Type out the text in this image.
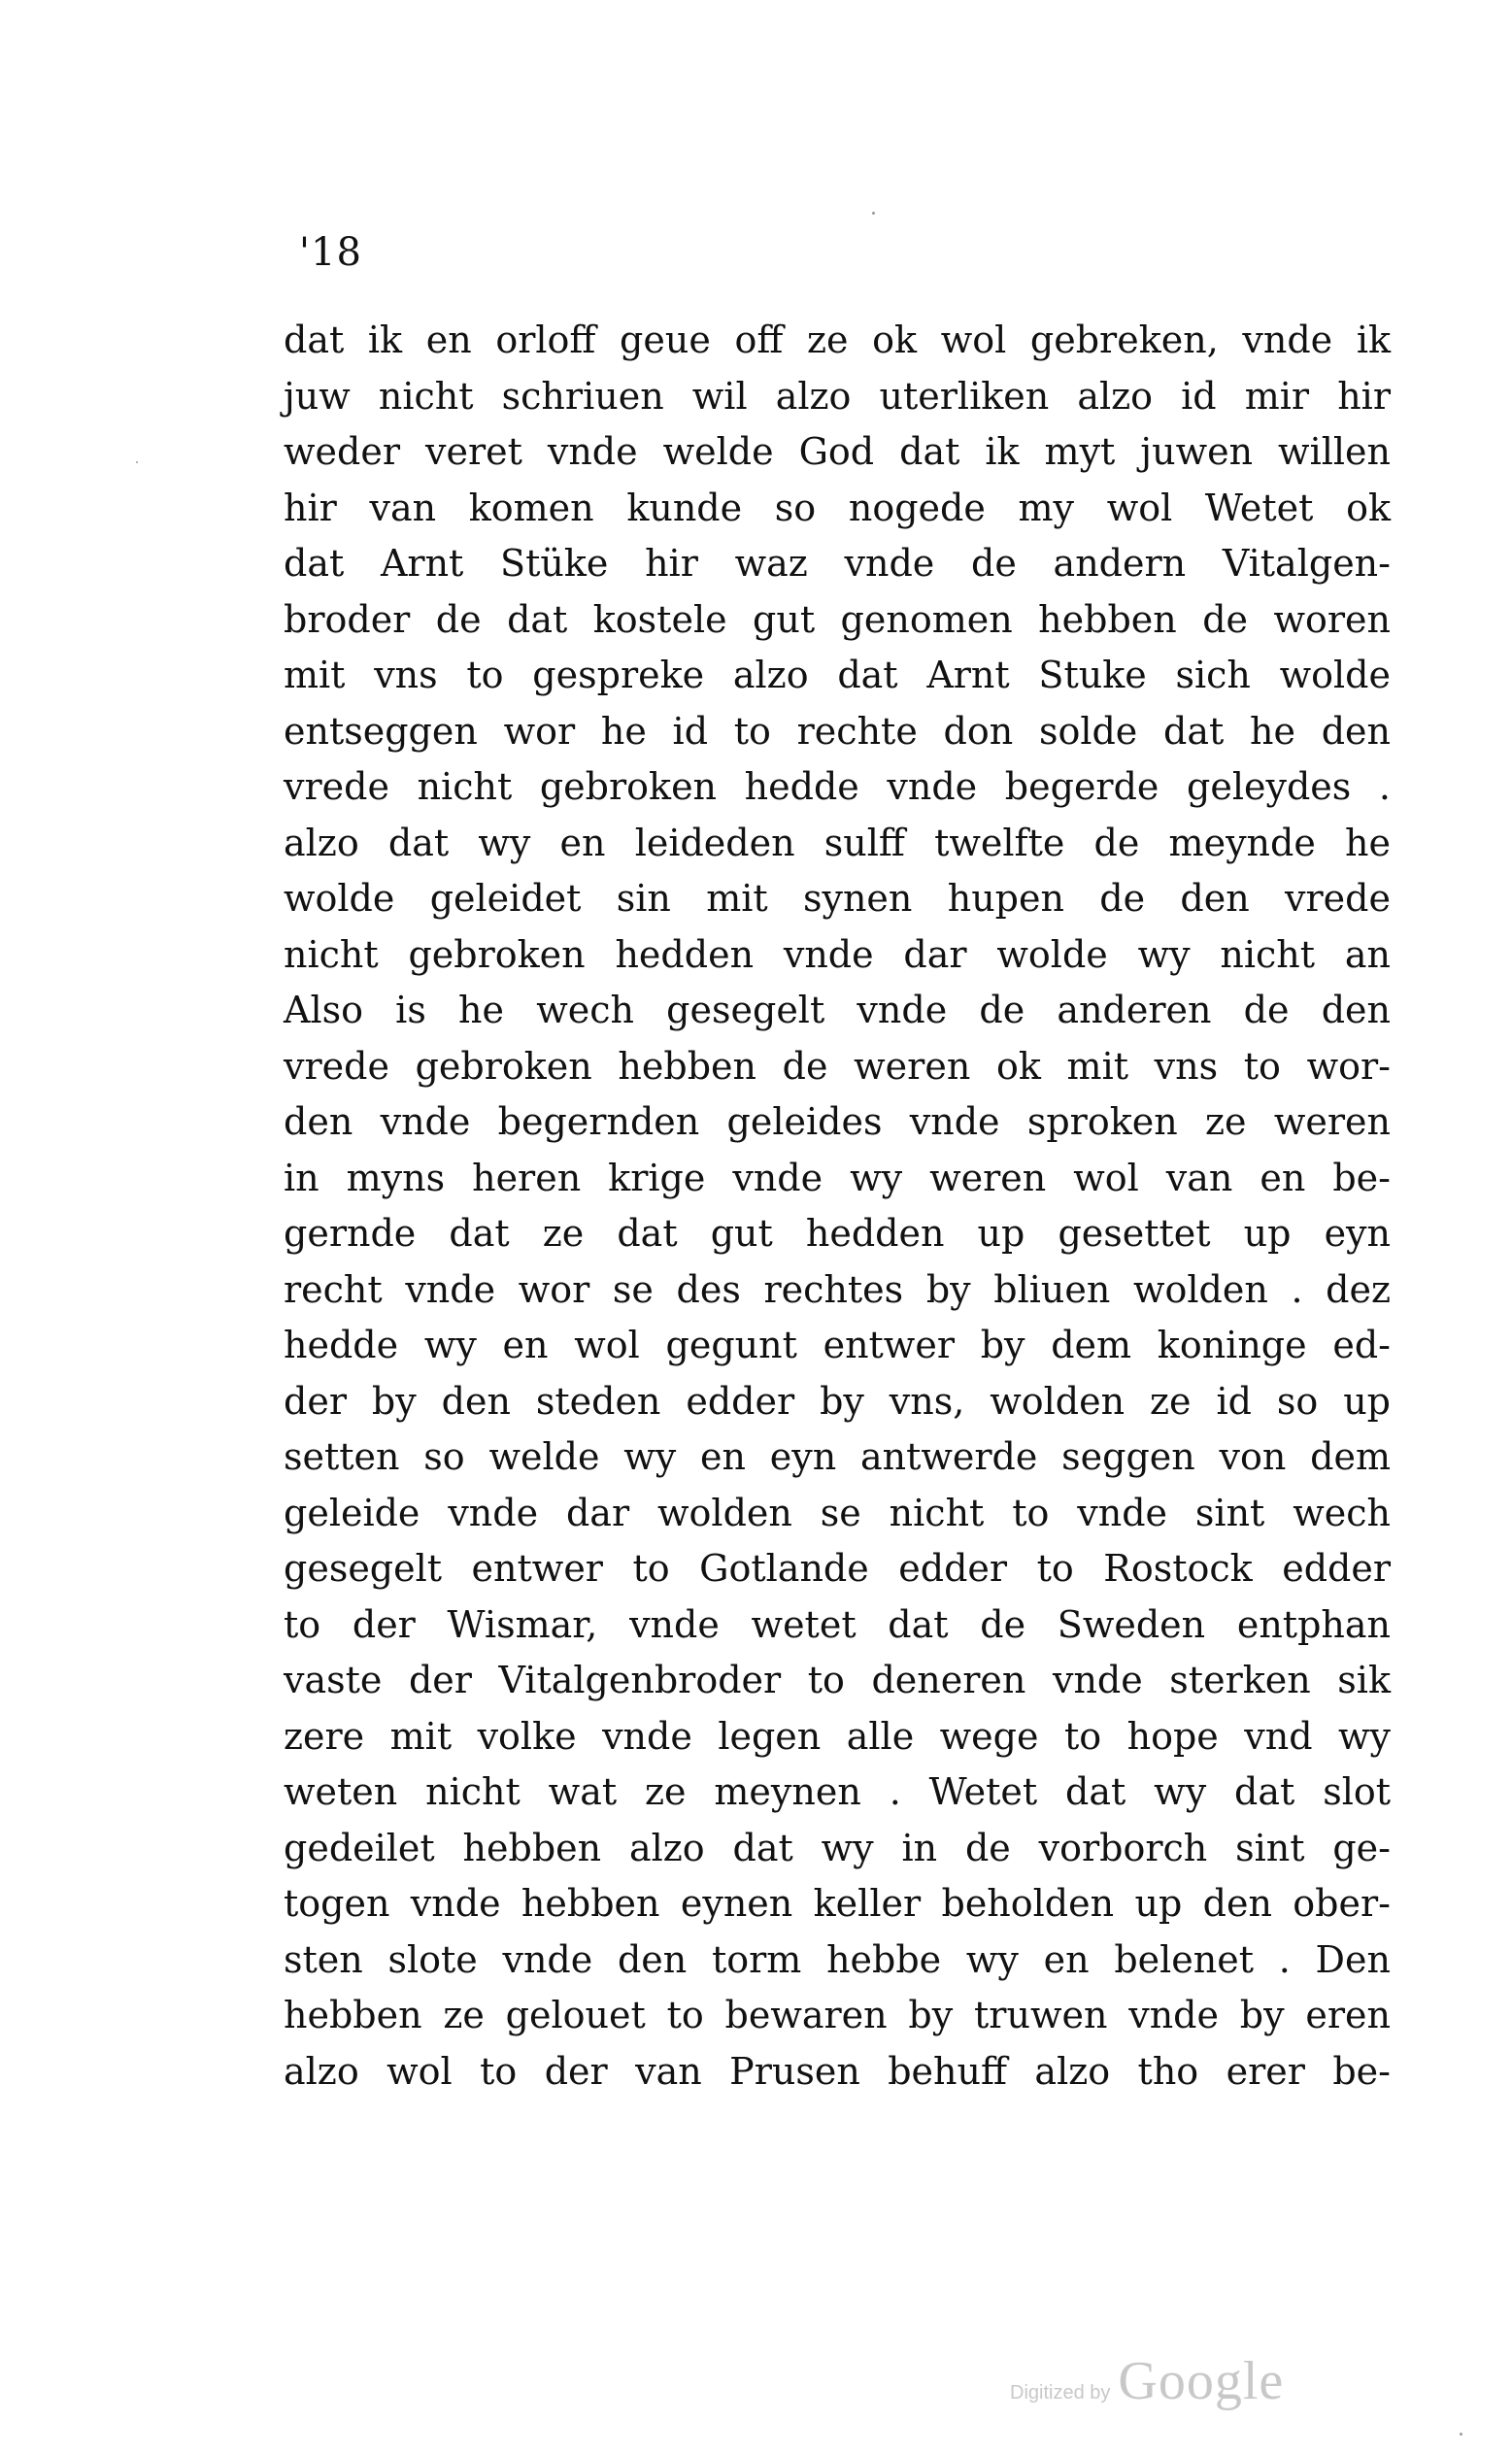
'18
dat ik en orloff geue off ze ok wol gebreken, vnde ik
juw nicht schriuen wil alzo uterliken alzo id mir hir
weder veret vnde welde God dat ik myt juwen willen
hir van komen kunde so nogede my wol Wetet ok
dat Arnt Stüke hir waz vnde de andern Vitalgen-
broder de dat kostele gut genomen hebben de woren
mit vns to gespreke alzo dat Arnt Stuke sich wolde
entseggen wor he id to rechte don solde dat he den
vrede nicht gebroken hedde vnde begerde geleydes .
alzo dat wy en leideden sulff twelfte de meynde he
wolde geleidet sin mit synen hupen de den vrede
nicht gebroken hedden vnde dar wolde wy nicht an
Also is he wech gesegelt vnde de anderen de den
vrede gebroken hebben de weren ok mit vns to wor-
den vnde begernden geleides vnde sproken ze weren
in myns heren krige vnde wy weren wol van en be-
gernde dat ze dat gut hedden up gesettet up eyn
recht vnde wor se des rechtes by bliuen wolden . dez
hedde wy en wol gegunt entwer by dem koninge ed-
der by den steden edder by vns, wolden ze id so up
setten so welde wy en eyn antwerde seggen von dem
geleide vnde dar wolden se nicht to vnde sint wech
gesegelt entwer to Gotlande edder to Rostock edder
to der Wismar, vnde wetet dat de Sweden entphan
vaste der Vitalgenbroder to deneren vnde sterken sik
zere mit volke vnde legen alle wege to hope vnd wy
weten nicht wat ze meynen . Wetet dat wy dat slot
gedeilet hebben alzo dat wy in de vorborch sint ge-
togen vnde hebben eynen keller beholden up den ober-
sten slote vnde den torm hebbe wy en belenet . Den
hebben ze gelouet to bewaren by truwen vnde by eren
alzo wol to der van Prusen behuff alzo tho erer be-
Digitized by Google
